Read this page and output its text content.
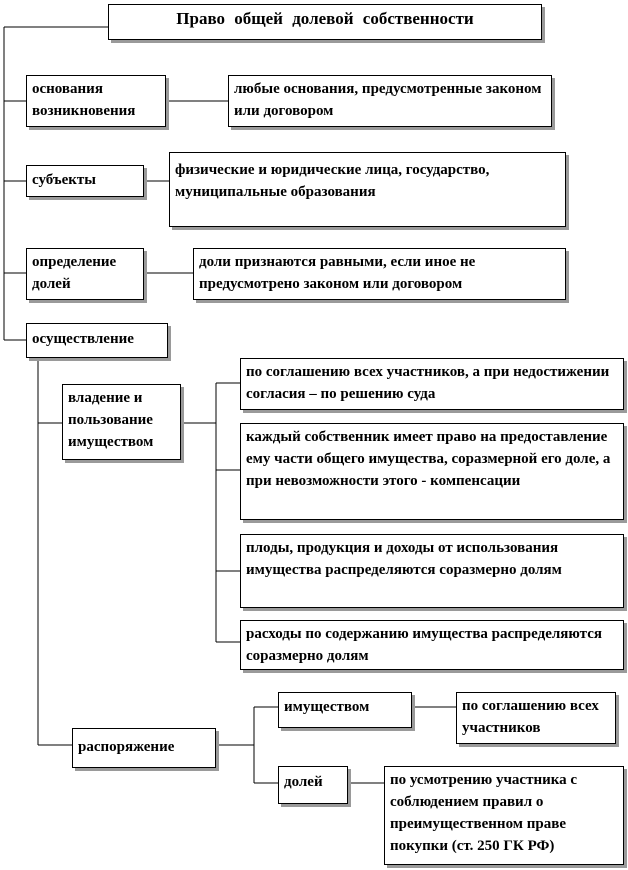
Право общей долевой собственности
основания возникновения
любые основания, предусмотренные законом или договором
субъекты
физические и юридические лица, государство, муниципальные образования
определение долей
доли признаются равными, если иное не предусмотрено законом или договором
осуществление
владение и пользование имуществом
по соглашению всех участников, а при недостижении согласия – по решению суда
каждый собственник имеет право на предоставление ему части общего имущества, соразмерной его доле, а при невозможности этого - компенсации
плоды, продукция и доходы от использования имущества распределяются соразмерно долям
расходы по содержанию имущества распределяются соразмерно долям
распоряжение
имуществом	по соглашению всех участников
долей	по усмотрению участника с соблюдением правил о преимущественном праве покупки (ст. 250 ГК РФ)
